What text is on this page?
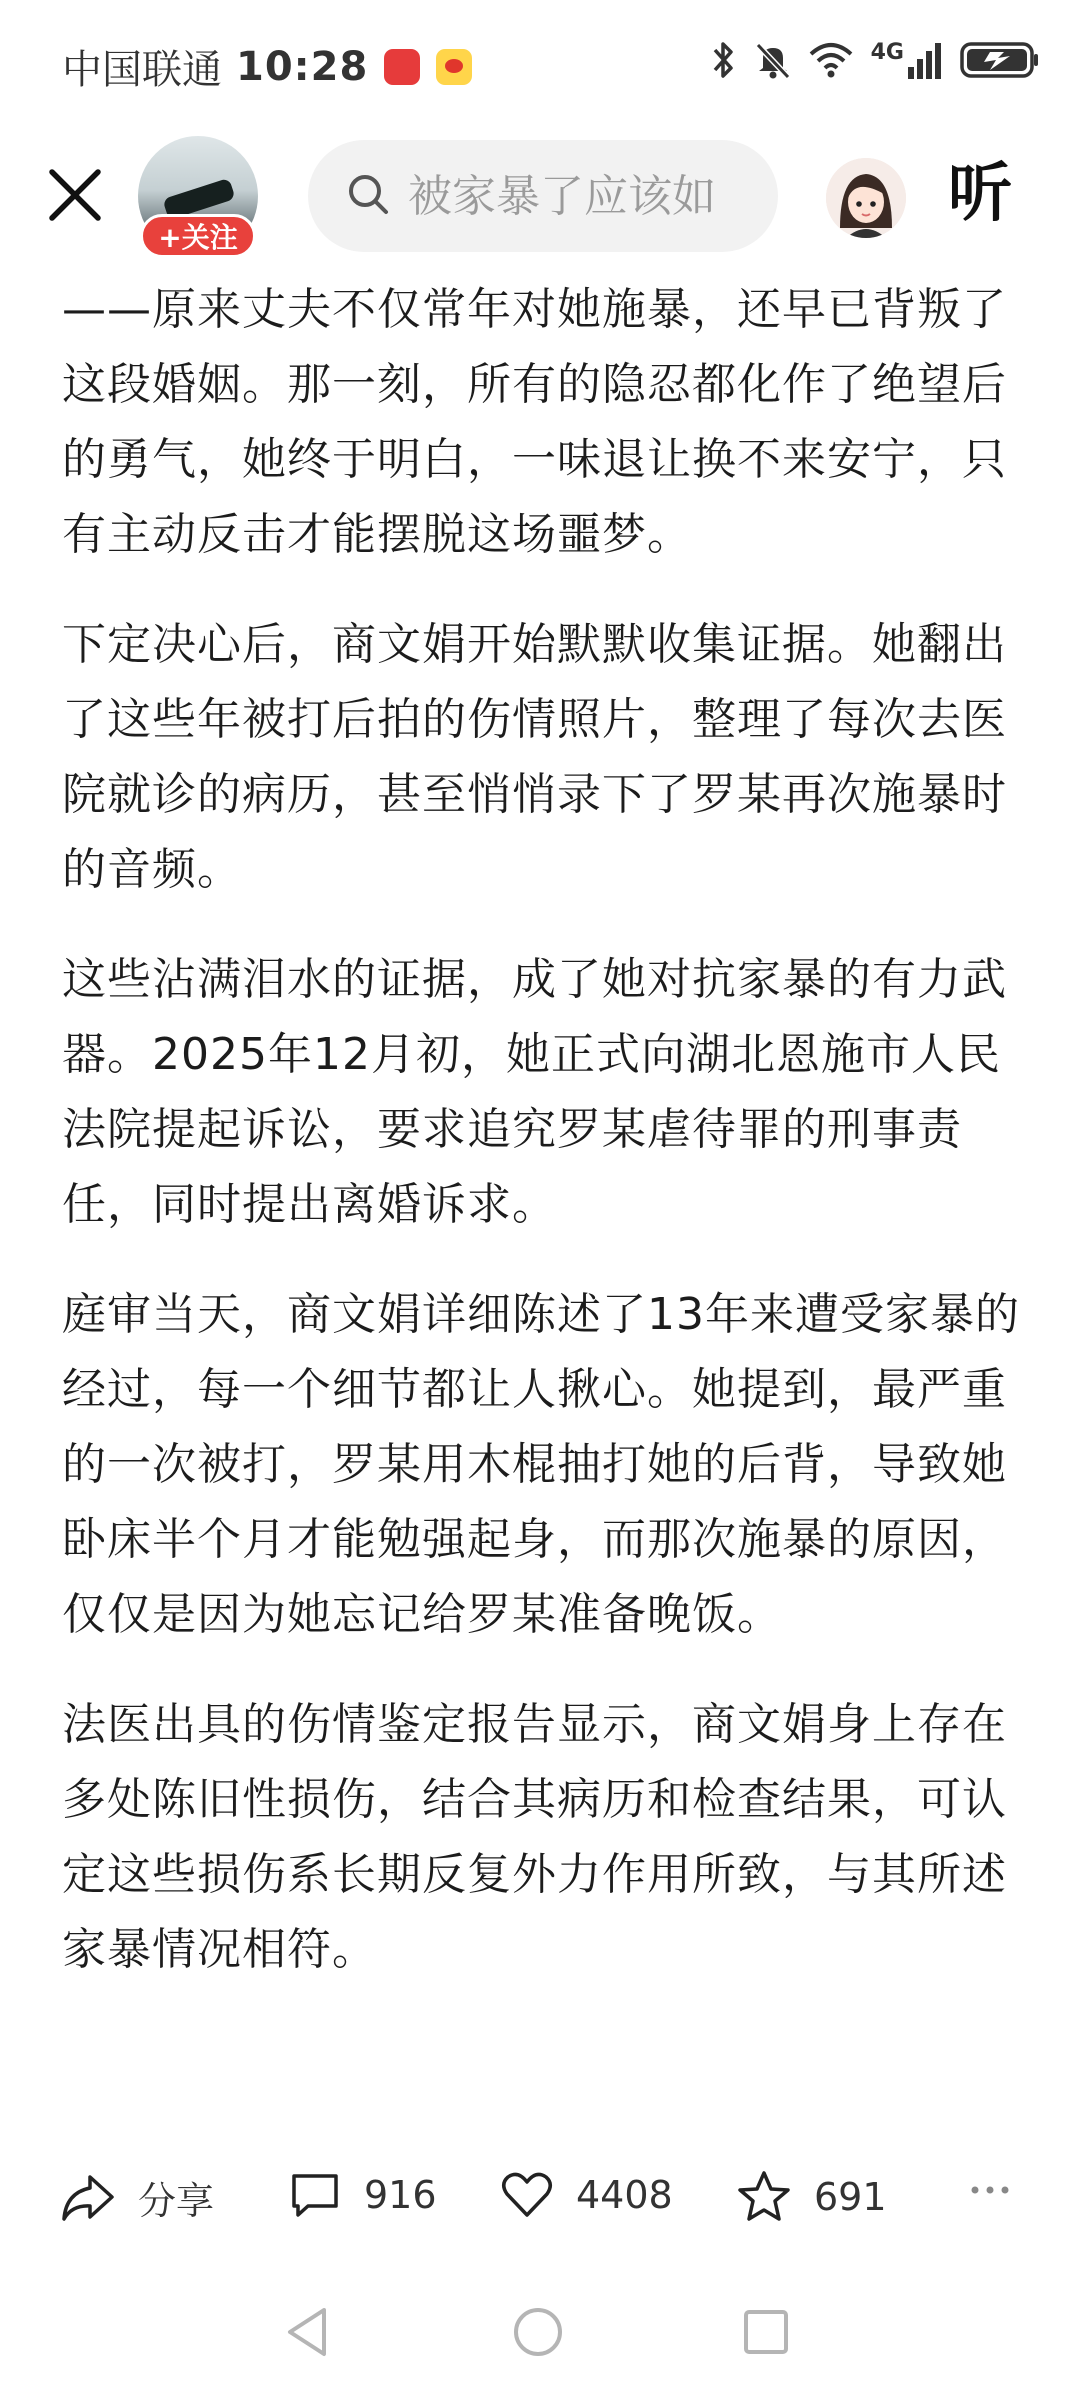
中国联通 10:28	4G
+关注
被家暴了应该如
听

——原来丈夫不仅常年对她施暴，还早已背叛了这段婚姻。那一刻，所有的隐忍都化作了绝望后的勇气，她终于明白，一味退让换不来安宁，只有主动反击才能摆脱这场噩梦。

下定决心后，商文娟开始默默收集证据。她翻出了这些年被打后拍的伤情照片，整理了每次去医院就诊的病历，甚至悄悄录下了罗某再次施暴时的音频。

这些沾满泪水的证据，成了她对抗家暴的有力武器。2025年12月初，她正式向湖北恩施市人民法院提起诉讼，要求追究罗某虐待罪的刑事责任，同时提出离婚诉求。

庭审当天，商文娟详细陈述了13年来遭受家暴的经过，每一个细节都让人揪心。她提到，最严重的一次被打，罗某用木棍抽打她的后背，导致她卧床半个月才能勉强起身，而那次施暴的原因，仅仅是因为她忘记给罗某准备晚饭。

法医出具的伤情鉴定报告显示，商文娟身上存在多处陈旧性损伤，结合其病历和检查结果，可认定这些损伤系长期反复外力作用所致，与其所述家暴情况相符。

分享	916	4408	691
